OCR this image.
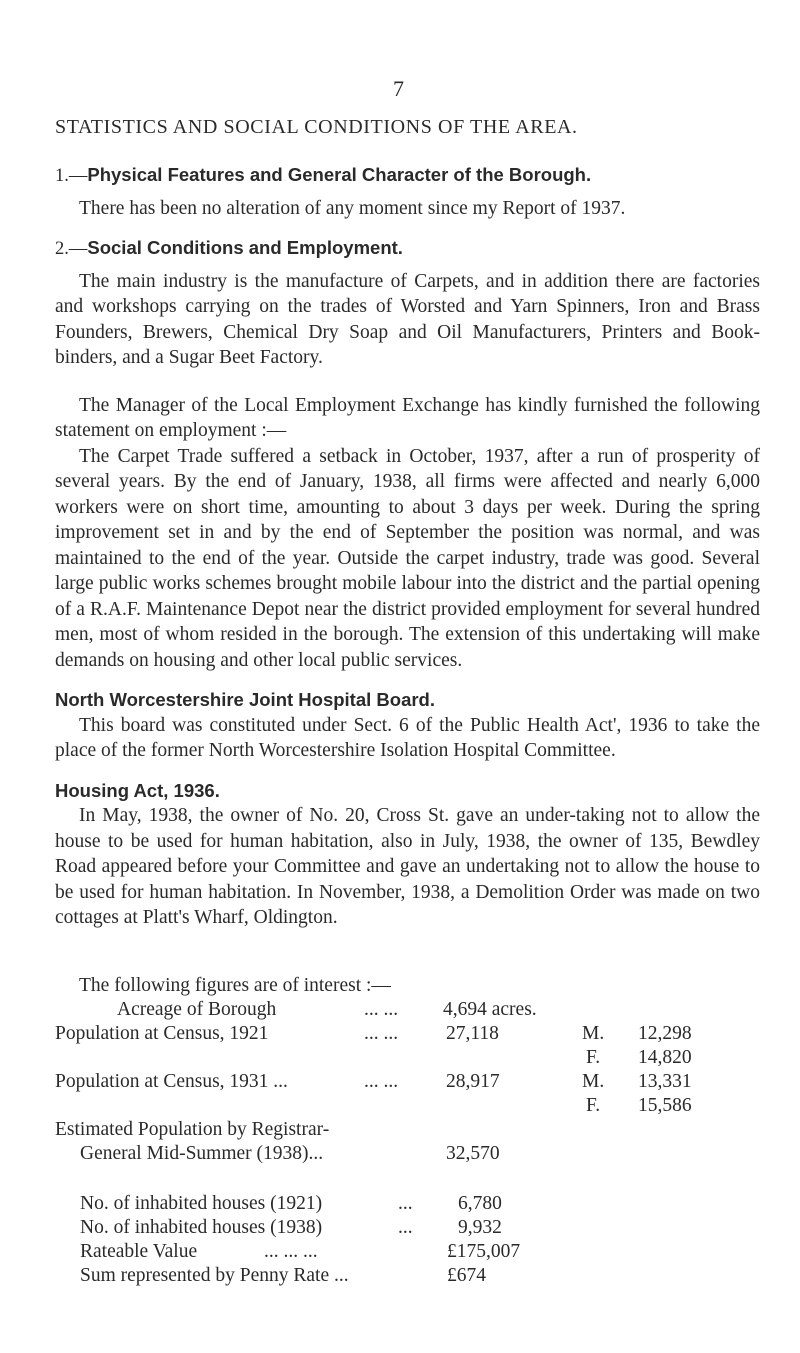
7
STATISTICS AND SOCIAL CONDITIONS OF THE AREA.
1.—Physical Features and General Character of the Borough.

There has been no alteration of any moment since my Report of 1937.

2.—Social Conditions and Employment.

The main industry is the manufacture of Carpets, and in addition there are factories and workshops carrying on the trades of Worsted and Yarn Spinners, Iron and Brass Founders, Brewers, Chemical Dry Soap and Oil Manufacturers, Printers and Book-binders, and a Sugar Beet Factory.

The Manager of the Local Employment Exchange has kindly furnished the following statement on employment :—

The Carpet Trade suffered a setback in October, 1937, after a run of prosperity of several years. By the end of January, 1938, all firms were affected and nearly 6,000 workers were on short time, amounting to about 3 days per week. During the spring improvement set in and by the end of September the position was normal, and was maintained to the end of the year. Outside the carpet industry, trade was good. Several large public works schemes brought mobile labour into the district and the partial opening of a R.A.F. Maintenance Depot near the district provided employment for several hundred men, most of whom resided in the borough. The extension of this undertaking will make demands on housing and other local public services.

North Worcestershire Joint Hospital Board.

This board was constituted under Sect. 6 of the Public Health Act', 1936 to take the place of the former North Worcestershire Isolation Hospital Committee.

Housing Act, 1936.

In May, 1938, the owner of No. 20, Cross St. gave an under-taking not to allow the house to be used for human habitation, also in July, 1938, the owner of 135, Bewdley Road appeared before your Committee and gave an undertaking not to allow the house to be used for human habitation. In November, 1938, a Demolition Order was made on two cottages at Platt's Wharf, Oldington.

The following figures are of interest :—
Acreage of Borough	... ... 4,694 acres.
Population at Census, 1921	... ... 27,118	M. 12,298
F. 14,820
Population at Census, 1931 ...	... ... 28,917	M. 13,331
F. 15,586
Estimated Population by Registrar-
General Mid-Summer (1938)...	32,570
No. of inhabited houses (1921)	... 6,780
No. of inhabited houses (1938)	... 9,932
Rateable Value	... ... ...	£175,007
Sum represented by Penny Rate ...	£674
